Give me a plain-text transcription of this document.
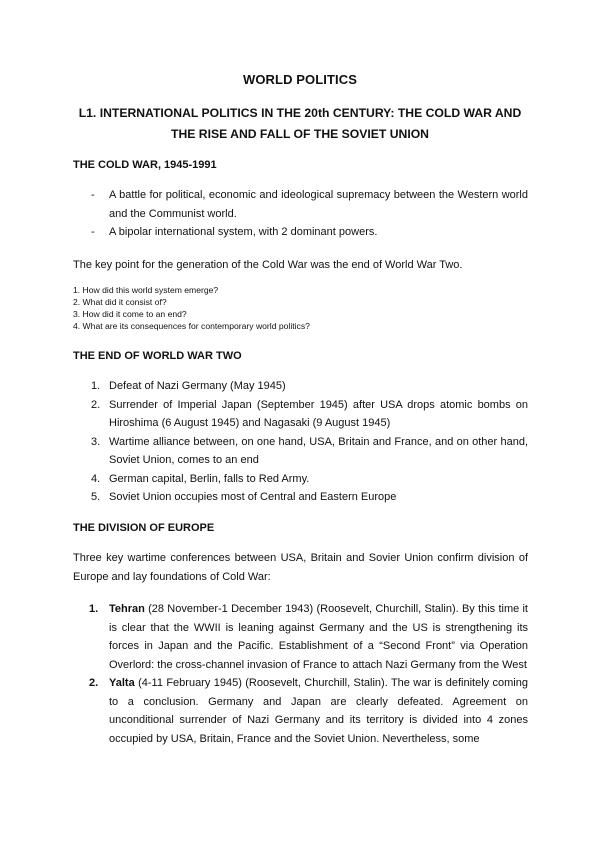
WORLD POLITICS
L1. INTERNATIONAL POLITICS IN THE 20th CENTURY: THE COLD WAR AND
THE RISE AND FALL OF THE SOVIET UNION
THE COLD WAR, 1945-1991
- A battle for political, economic and ideological supremacy between the Western world and the Communist world.
- A bipolar international system, with 2 dominant powers.
The key point for the generation of the Cold War was the end of World War Two.
1. How did this world system emerge?
2. What did it consist of?
3. How did it come to an end?
4. What are its consequences for contemporary world politics?
THE END OF WORLD WAR TWO
1. Defeat of Nazi Germany (May 1945)
2. Surrender of Imperial Japan (September 1945) after USA drops atomic bombs on Hiroshima (6 August 1945) and Nagasaki (9 August 1945)
3. Wartime alliance between, on one hand, USA, Britain and France, and on other hand, Soviet Union, comes to an end
4. German capital, Berlin, falls to Red Army.
5. Soviet Union occupies most of Central and Eastern Europe
THE DIVISION OF EUROPE
Three key wartime conferences between USA, Britain and Sovier Union confirm division of Europe and lay foundations of Cold War:
1. Tehran (28 November-1 December 1943) (Roosevelt, Churchill, Stalin). By this time it is clear that the WWII is leaning against Germany and the US is strengthening its forces in Japan and the Pacific. Establishment of a “Second Front” via Operation Overlord: the cross-channel invasion of France to attach Nazi Germany from the West
2. Yalta (4-11 February 1945) (Roosevelt, Churchill, Stalin). The war is definitely coming to a conclusion. Germany and Japan are clearly defeated. Agreement on unconditional surrender of Nazi Germany and its territory is divided into 4 zones occupied by USA, Britain, France and the Soviet Union. Nevertheless, some
